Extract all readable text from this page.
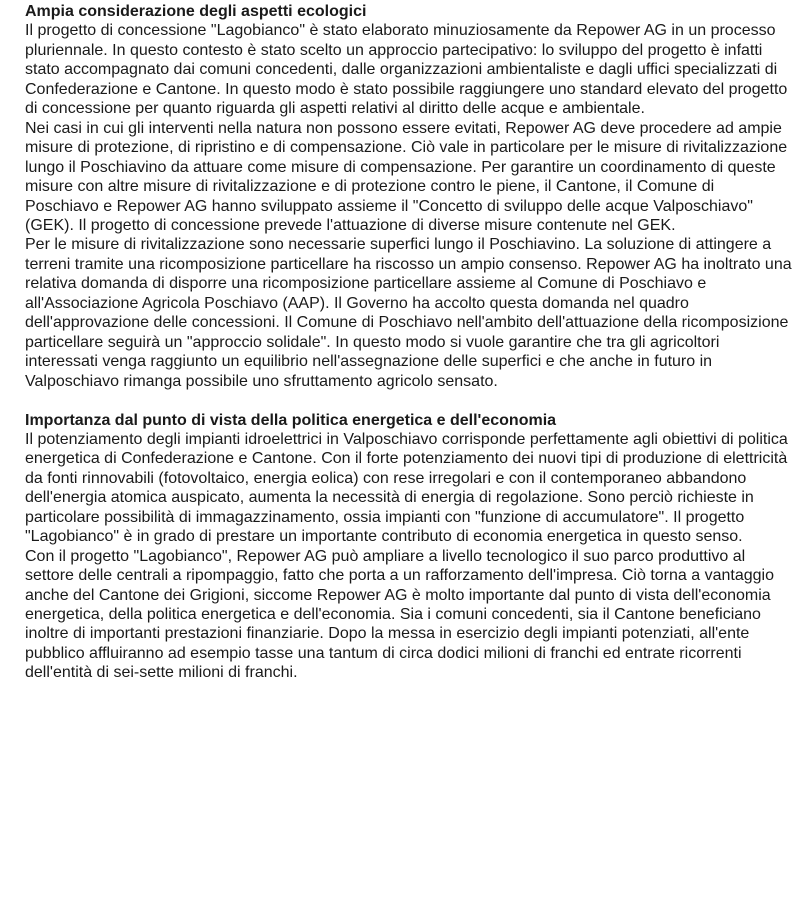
Ampia considerazione degli aspetti ecologici

Il progetto di concessione "Lagobianco" è stato elaborato minuziosamente da Repower AG in un processo pluriennale. In questo contesto è stato scelto un approccio partecipativo: lo sviluppo del progetto è infatti stato accompagnato dai comuni concedenti, dalle organizzazioni ambientaliste e dagli uffici specializzati di Confederazione e Cantone. In questo modo è stato possibile raggiungere uno standard elevato del progetto di concessione per quanto riguarda gli aspetti relativi al diritto delle acque e ambientale.

Nei casi in cui gli interventi nella natura non possono essere evitati, Repower AG deve procedere ad ampie misure di protezione, di ripristino e di compensazione. Ciò vale in particolare per le misure di rivitalizzazione lungo il Poschiavino da attuare come misure di compensazione. Per garantire un coordinamento di queste misure con altre misure di rivitalizzazione e di protezione contro le piene, il Cantone, il Comune di Poschiavo e Repower AG hanno sviluppato assieme il "Concetto di sviluppo delle acque Valposchiavo" (GEK). Il progetto di concessione prevede l'attuazione di diverse misure contenute nel GEK.

Per le misure di rivitalizzazione sono necessarie superfici lungo il Poschiavino. La soluzione di attingere a terreni tramite una ricomposizione particellare ha riscosso un ampio consenso. Repower AG ha inoltrato una relativa domanda di disporre una ricomposizione particellare assieme al Comune di Poschiavo e all'Associazione Agricola Poschiavo (AAP). Il Governo ha accolto questa domanda nel quadro dell'approvazione delle concessioni. Il Comune di Poschiavo nell'ambito dell'attuazione della ricomposizione particellare seguirà un "approccio solidale". In questo modo si vuole garantire che tra gli agricoltori interessati venga raggiunto un equilibrio nell'assegnazione delle superfici e che anche in futuro in Valposchiavo rimanga possibile uno sfruttamento agricolo sensato.

Importanza dal punto di vista della politica energetica e dell'economia

Il potenziamento degli impianti idroelettrici in Valposchiavo corrisponde perfettamente agli obiettivi di politica energetica di Confederazione e Cantone. Con il forte potenziamento dei nuovi tipi di produzione di elettricità da fonti rinnovabili (fotovoltaico, energia eolica) con rese irregolari e con il contemporaneo abbandono dell'energia atomica auspicato, aumenta la necessità di energia di regolazione. Sono perciò richieste in particolare possibilità di immagazzinamento, ossia impianti con "funzione di accumulatore". Il progetto "Lagobianco" è in grado di prestare un importante contributo di economia energetica in questo senso.

Con il progetto "Lagobianco", Repower AG può ampliare a livello tecnologico il suo parco produttivo al settore delle centrali a ripompaggio, fatto che porta a un rafforzamento dell'impresa. Ciò torna a vantaggio anche del Cantone dei Grigioni, siccome Repower AG è molto importante dal punto di vista dell'economia energetica, della politica energetica e dell'economia. Sia i comuni concedenti, sia il Cantone beneficiano inoltre di importanti prestazioni finanziarie. Dopo la messa in esercizio degli impianti potenziati, all'ente pubblico affluiranno ad esempio tasse una tantum di circa dodici milioni di franchi ed entrate ricorrenti dell'entità di sei-sette milioni di franchi.
